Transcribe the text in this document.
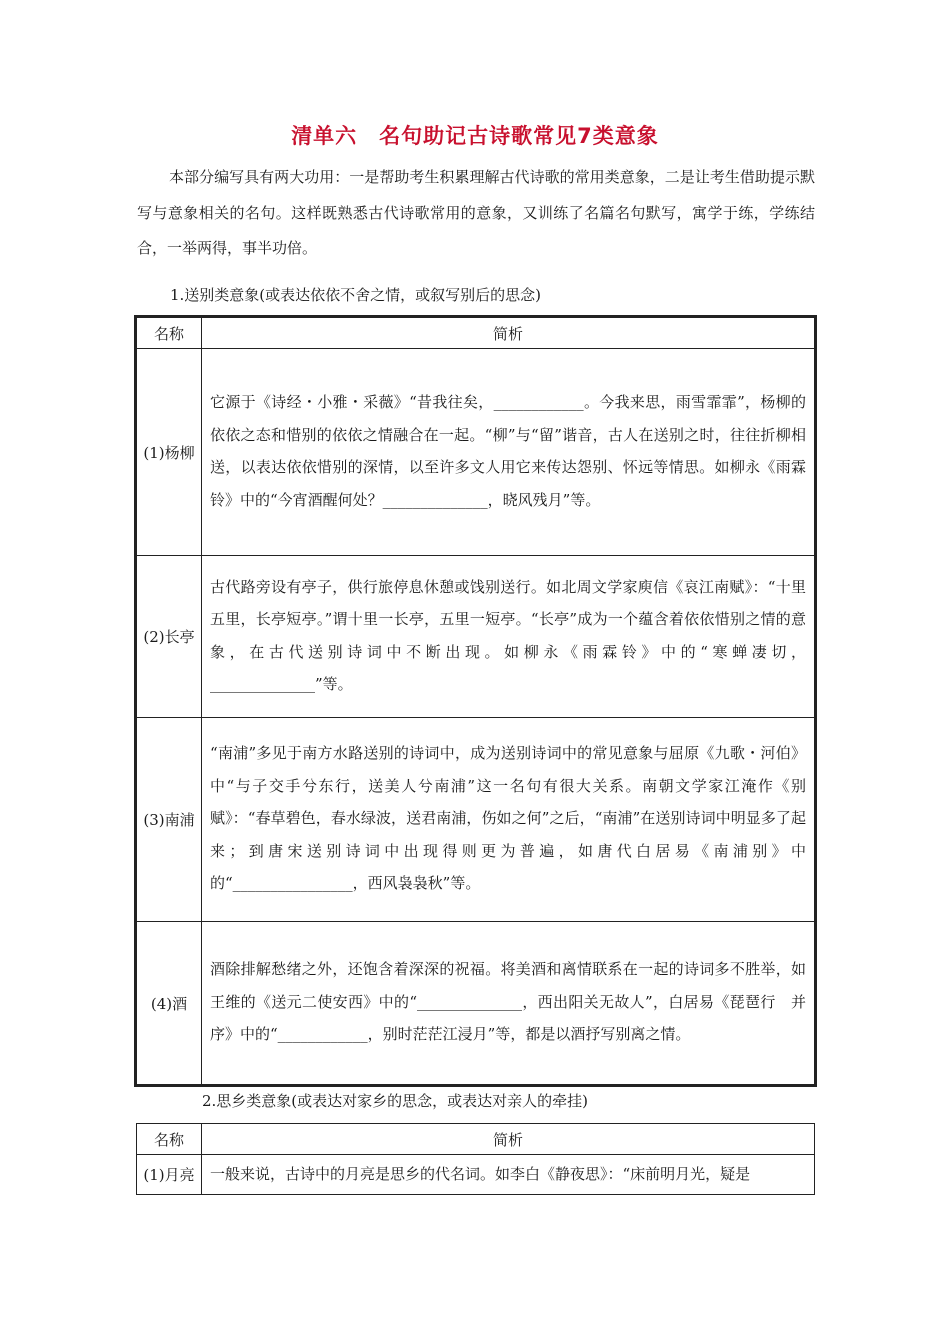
清单六　名句助记古诗歌常见7类意象
本部分编写具有两大功用：一是帮助考生积累理解古代诗歌的常用类意象，二是让考生借助提示默写与意象相关的名句。这样既熟悉古代诗歌常用的意象，又训练了名篇名句默写，寓学于练，学练结合，一举两得，事半功倍。
1.送别类意象(或表达依依不舍之情，或叙写别后的思念)
名称	简析
(1)杨柳	它源于《诗经・小雅・采薇》“昔我往矣，____________。今我来思，雨雪霏霏”，杨柳的依依之态和惜别的依依之情融合在一起。“柳”与“留”谐音，古人在送别之时，往往折柳相送，以表达依依惜别的深情，以至许多文人用它来传达怨别、怀远等情思。如柳永《雨霖铃》中的“今宵酒醒何处？______________，晓风残月”等。
(2)长亭	古代路旁设有亭子，供行旅停息休憩或饯别送行。如北周文学家庾信《哀江南赋》：“十里五里，长亭短亭。”谓十里一长亭，五里一短亭。“长亭”成为一个蕴含着依依惜别之情的意象，在古代送别诗词中不断出现。如柳永《雨霖铃》中的“寒蝉凄切，______________”等。
(3)南浦	“南浦”多见于南方水路送别的诗词中，成为送别诗词中的常见意象与屈原《九歌・河伯》中“与子交手兮东行，送美人兮南浦”这一名句有很大关系。南朝文学家江淹作《别赋》：“春草碧色，春水绿波，送君南浦，伤如之何”之后，“南浦”在送别诗词中明显多了起来；到唐宋送别诗词中出现得则更为普遍，如唐代白居易《南浦别》中的“________________，西风袅袅秋”等。
(4)酒	酒除排解愁绪之外，还饱含着深深的祝福。将美酒和离情联系在一起的诗词多不胜举，如王维的《送元二使安西》中的“______________，西出阳关无故人”，白居易《琵琶行　并序》中的“____________，别时茫茫江浸月”等，都是以酒抒写别离之情。
2.思乡类意象(或表达对家乡的思念，或表达对亲人的牵挂)
名称	简析
(1)月亮	一般来说，古诗中的月亮是思乡的代名词。如李白《静夜思》：“床前明月光，疑是
